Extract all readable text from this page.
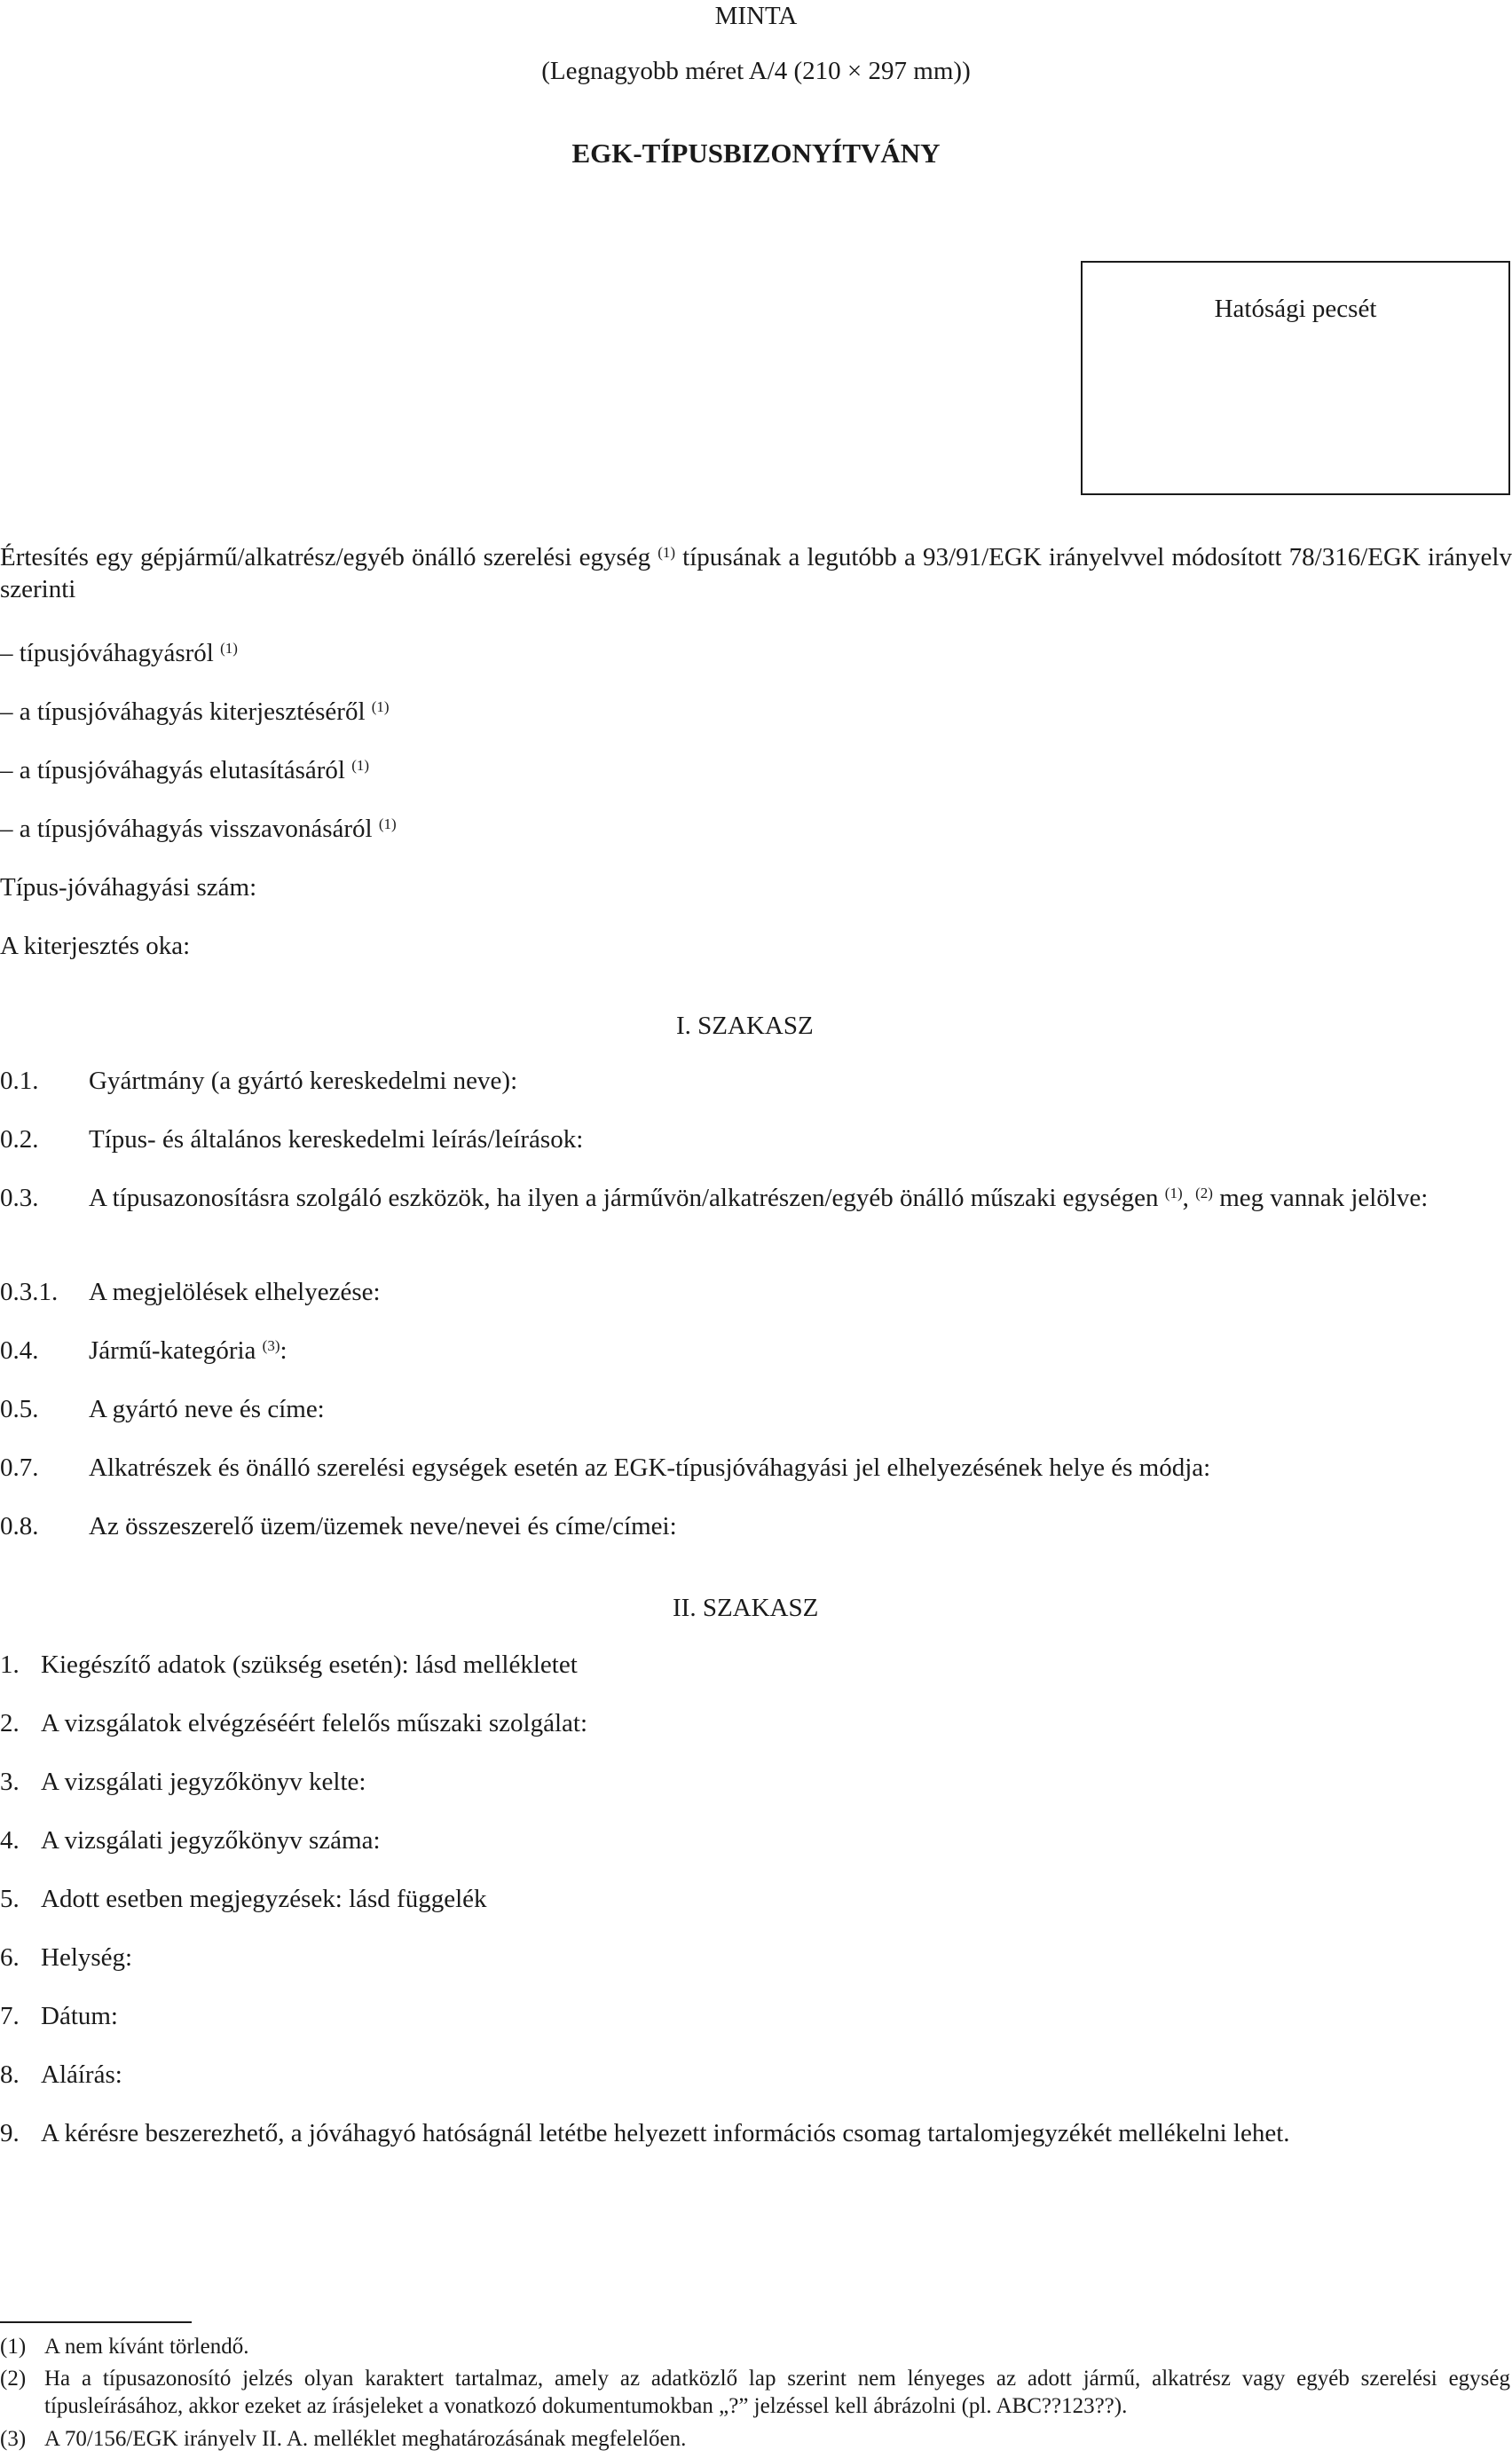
MINTA
(Legnagyobb méret A/4 (210 × 297 mm))
EGK-TÍPUSBIZONYÍTVÁNY
Hatósági pecsét
Értesítés egy gépjármű/alkatrész/egyéb önálló szerelési egység $^{(1)}$ típusának a legutóbb a 93/91/EGK irányelvvel módosított 78/316/EGK irányelv szerinti
– típusjóváhagyásról $^{(1)}$
– a típusjóváhagyás kiterjesztéséről $^{(1)}$
– a típusjóváhagyás elutasításáról $^{(1)}$
– a típusjóváhagyás visszavonásáról $^{(1)}$
Típus-jóváhagyási szám:
A kiterjesztés oka:
I. SZAKASZ
0.1. Gyártmány (a gyártó kereskedelmi neve):
0.2. Típus- és általános kereskedelmi leírás/leírások:
0.3. A típusazonosításra szolgáló eszközök, ha ilyen a járművön/alkatrészen/egyéb önálló műszaki egységen $^{(1)}$, $^{(2)}$ meg vannak jelölve:
0.3.1. A megjelölések elhelyezése:
0.4. Jármű-kategória $^{(3)}$:
0.5. A gyártó neve és címe:
0.7. Alkatrészek és önálló szerelési egységek esetén az EGK-típusjóváhagyási jel elhelyezésének helye és módja:
0.8. Az összeszerelő üzem/üzemek neve/nevei és címe/címei:
II. SZAKASZ
1. Kiegészítő adatok (szükség esetén): lásd mellékletet
2. A vizsgálatok elvégzéséért felelős műszaki szolgálat:
3. A vizsgálati jegyzőkönyv kelte:
4. A vizsgálati jegyzőkönyv száma:
5. Adott esetben megjegyzések: lásd függelék
6. Helység:
7. Dátum:
8. Aláírás:
9. A kérésre beszerezhető, a jóváhagyó hatóságnál letétbe helyezett információs csomag tartalomjegyzékét mellékelni lehet.
(1) A nem kívánt törlendő.
(2) Ha a típusazonosító jelzés olyan karaktert tartalmaz, amely az adatközlő lap szerint nem lényeges az adott jármű, alkatrész vagy egyéb szerelési egység típusleírásához, akkor ezeket az írásjeleket a vonatkozó dokumentumokban „?” jelzéssel kell ábrázolni (pl. ABC??123??).
(3) A 70/156/EGK irányelv II. A. melléklet meghatározásának megfelelően.
